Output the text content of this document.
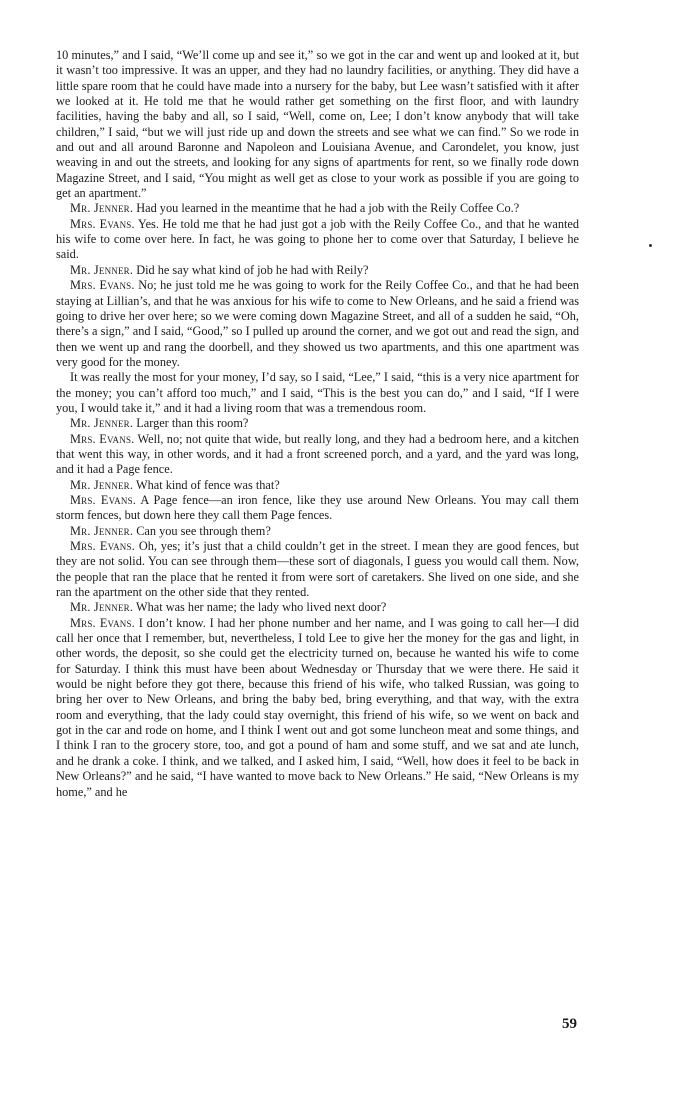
10 minutes,” and I said, “We’ll come up and see it,” so we got in the car and went up and looked at it, but it wasn’t too impressive. It was an upper, and they had no laundry facilities, or anything. They did have a little spare room that he could have made into a nursery for the baby, but Lee wasn’t satisfied with it after we looked at it. He told me that he would rather get something on the first floor, and with laundry facilities, having the baby and all, so I said, “Well, come on, Lee; I don’t know anybody that will take children,” I said, “but we will just ride up and down the streets and see what we can find.” So we rode in and out and all around Baronne and Napoleon and Louisiana Avenue, and Carondelet, you know, just weaving in and out the streets, and looking for any signs of apartments for rent, so we finally rode down Magazine Street, and I said, “You might as well get as close to your work as possible if you are going to get an apartment.”

Mr. Jenner. Had you learned in the meantime that he had a job with the Reily Coffee Co.?

Mrs. Evans. Yes. He told me that he had just got a job with the Reily Coffee Co., and that he wanted his wife to come over here. In fact, he was going to phone her to come over that Saturday, I believe he said.

Mr. Jenner. Did he say what kind of job he had with Reily?

Mrs. Evans. No; he just told me he was going to work for the Reily Coffee Co., and that he had been staying at Lillian’s, and that he was anxious for his wife to come to New Orleans, and he said a friend was going to drive her over here; so we were coming down Magazine Street, and all of a sudden he said, “Oh, there’s a sign,” and I said, “Good,” so I pulled up around the corner, and we got out and read the sign, and then we went up and rang the doorbell, and they showed us two apartments, and this one apartment was very good for the money.

It was really the most for your money, I’d say, so I said, “Lee,” I said, “this is a very nice apartment for the money; you can’t afford too much,” and I said, “This is the best you can do,” and I said, “If I were you, I would take it,” and it had a living room that was a tremendous room.

Mr. Jenner. Larger than this room?

Mrs. Evans. Well, no; not quite that wide, but really long, and they had a bedroom here, and a kitchen that went this way, in other words, and it had a front screened porch, and a yard, and the yard was long, and it had a Page fence.

Mr. Jenner. What kind of fence was that?

Mrs. Evans. A Page fence—an iron fence, like they use around New Orleans. You may call them storm fences, but down here they call them Page fences.

Mr. Jenner. Can you see through them?

Mrs. Evans. Oh, yes; it’s just that a child couldn’t get in the street. I mean they are good fences, but they are not solid. You can see through them—these sort of diagonals, I guess you would call them. Now, the people that ran the place that he rented it from were sort of caretakers. She lived on one side, and she ran the apartment on the other side that they rented.

Mr. Jenner. What was her name; the lady who lived next door?

Mrs. Evans. I don’t know. I had her phone number and her name, and I was going to call her—I did call her once that I remember, but, nevertheless, I told Lee to give her the money for the gas and light, in other words, the deposit, so she could get the electricity turned on, because he wanted his wife to come for Saturday. I think this must have been about Wednesday or Thursday that we were there. He said it would be night before they got there, because this friend of his wife, who talked Russian, was going to bring her over to New Orleans, and bring the baby bed, bring everything, and that way, with the extra room and everything, that the lady could stay overnight, this friend of his wife, so we went on back and got in the car and rode on home, and I think I went out and got some luncheon meat and some things, and I think I ran to the grocery store, too, and got a pound of ham and some stuff, and we sat and ate lunch, and he drank a coke. I think, and we talked, and I asked him, I said, “Well, how does it feel to be back in New Orleans?” and he said, “I have wanted to move back to New Orleans.” He said, “New Orleans is my home,” and he

59
